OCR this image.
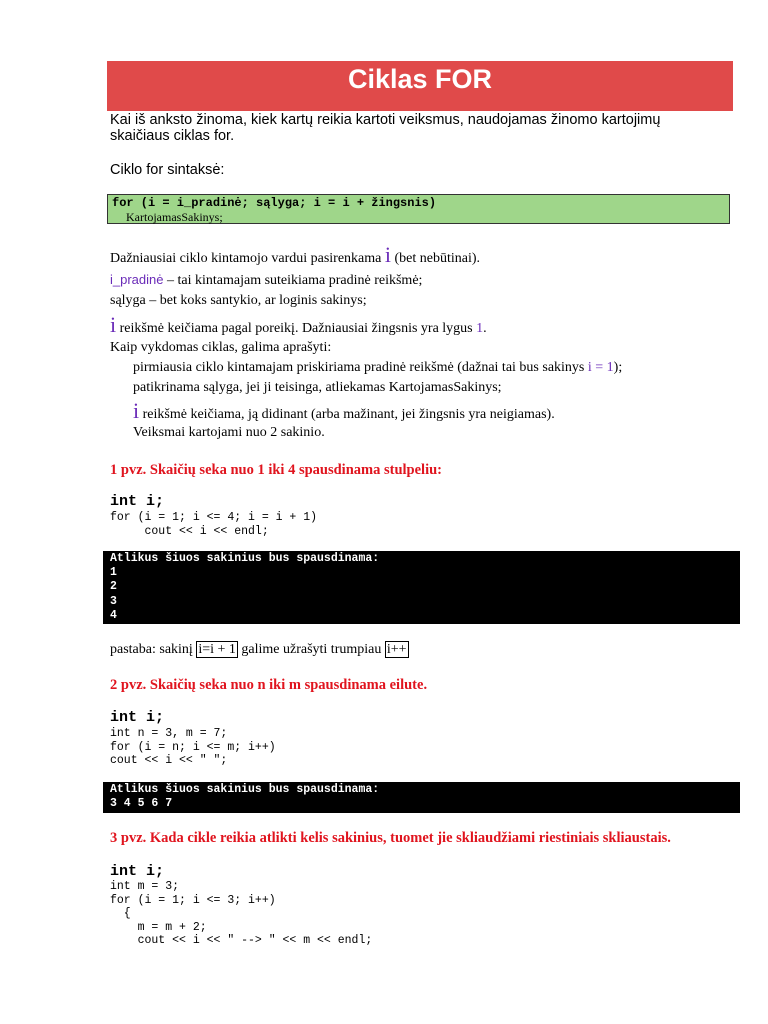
Ciklas FOR
Kai iš anksto žinoma, kiek kartų reikia kartoti veiksmus, naudojamas žinomo kartojimų skaičiaus ciklas for.
Ciklo for sintaksė:
for (i = i_pradinė; sąlyga; i = i + žingsnis)
KartojamasSakinys;
Dažniausiai ciklo kintamojo vardui pasirenkama i (bet nebūtinai).
i_pradinė – tai kintamajam suteikiama pradinė reikšmė;
sąlyga – bet koks santykio, ar loginis sakinys;
i reikšmė keičiama pagal poreikį. Dažniausiai žingsnis yra lygus 1.
Kaip vykdomas ciklas, galima aprašyti:
pirmiausia ciklo kintamajam priskiriama pradinė reikšmė (dažnai tai bus sakinys i = 1);
patikrinama sąlyga, jei ji teisinga, atliekamas KartojamasSakinys;
i reikšmė keičiama, ją didinant (arba mažinant, jei žingsnis yra neigiamas).
Veiksmai kartojami nuo 2 sakinio.
1 pvz. Skaičių seka nuo 1 iki 4 spausdinama stulpeliu:
int i;
for (i = 1; i <= 4; i = i + 1)
cout << i << endl;
Atlikus šiuos sakinius bus spausdinama:
1
2
3
4
pastaba: sakinį i=i + 1 galime užrašyti trumpiau i++
2 pvz. Skaičių seka nuo n iki m spausdinama eilute.
int i;
int n = 3, m = 7;
for (i = n; i <= m; i++)
cout << i << " ";
Atlikus šiuos sakinius bus spausdinama:
3 4 5 6 7
3 pvz. Kada cikle reikia atlikti kelis sakinius, tuomet jie skliaudžiami riestiniais skliaustais.
int i;
int m = 3;
for (i = 1; i <= 3; i++)
{
m = m + 2;
cout << i << " --> " << m << endl;
